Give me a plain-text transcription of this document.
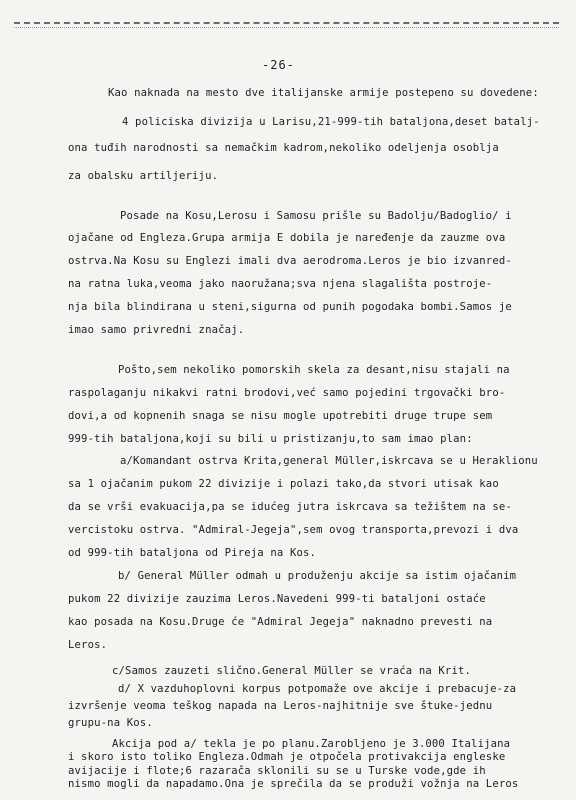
-26-
Kao naknada na mesto dve italijanske armije postepeno su dovedene:
4 policiska divizija u Larisu,21-999-tih bataljona,deset batalj-
ona tuđih narodnosti sa nemačkim kadrom,nekoliko odeljenja osoblja
za obalsku artiljeriju.
Posade na Kosu,Lerosu i Samosu prišle su Badolju/Badoglio/ i
ojačane od Engleza.Grupa armija E dobila je naređenje da zauzme ova
ostrva.Na Kosu su Englezi imali dva aerodroma.Leros je bio izvanred-
na ratna luka,veoma jako naoružana;sva njena slagališta postroje-
nja bila blindirana u steni,sigurna od punih pogodaka bombi.Samos je
imao samo privredni značaj.
Pošto,sem nekoliko pomorskih skela za desant,nisu stajali na
raspolaganju nikakvi ratni brodovi,već samo pojedini trgovački bro-
dovi,a od kopnenih snaga se nisu mogle upotrebiti druge trupe sem
999-tih bataljona,koji su bili u pristizanju,to sam imao plan:
a/Komandant ostrva Krita,general Müller,iskrcava se u Heraklionu
sa 1 ojačanim pukom 22 divizije i polazi tako,da stvori utisak kao
da se vrši evakuacija,pa se idućeg jutra iskrcava sa težištem na se-
vercistoku ostrva. "Admiral-Jegeja",sem ovog transporta,prevozi i dva
od 999-tih bataljona od Pireja na Kos.
b/ General Müller odmah u produženju akcije sa istim ojačanim
pukom 22 divizije zauzima Leros.Navedeni 999-ti bataljoni ostaće
kao posada na Kosu.Druge će "Admiral Jegeja" naknadno prevesti na
Leros.
c/Samos zauzeti slično.General Müller se vraća na Krit.
d/ X vazduhoplovni korpus potpomaže ove akcije i prebacuje-za
izvršenje veoma teškog napada na Leros-najhitnije sve štuke-jednu
grupu-na Kos.
Akcija pod a/ tekla je po planu.Zarobljeno je 3.000 Italijana
i skoro isto toliko Engleza.Odmah je otpočela protivakcija engleske
avijacije i flote;6 razarača sklonili su se u Turske vode,gde ih
nismo mogli da napadamo.Ona je sprečila da se produži vožnja na Leros
